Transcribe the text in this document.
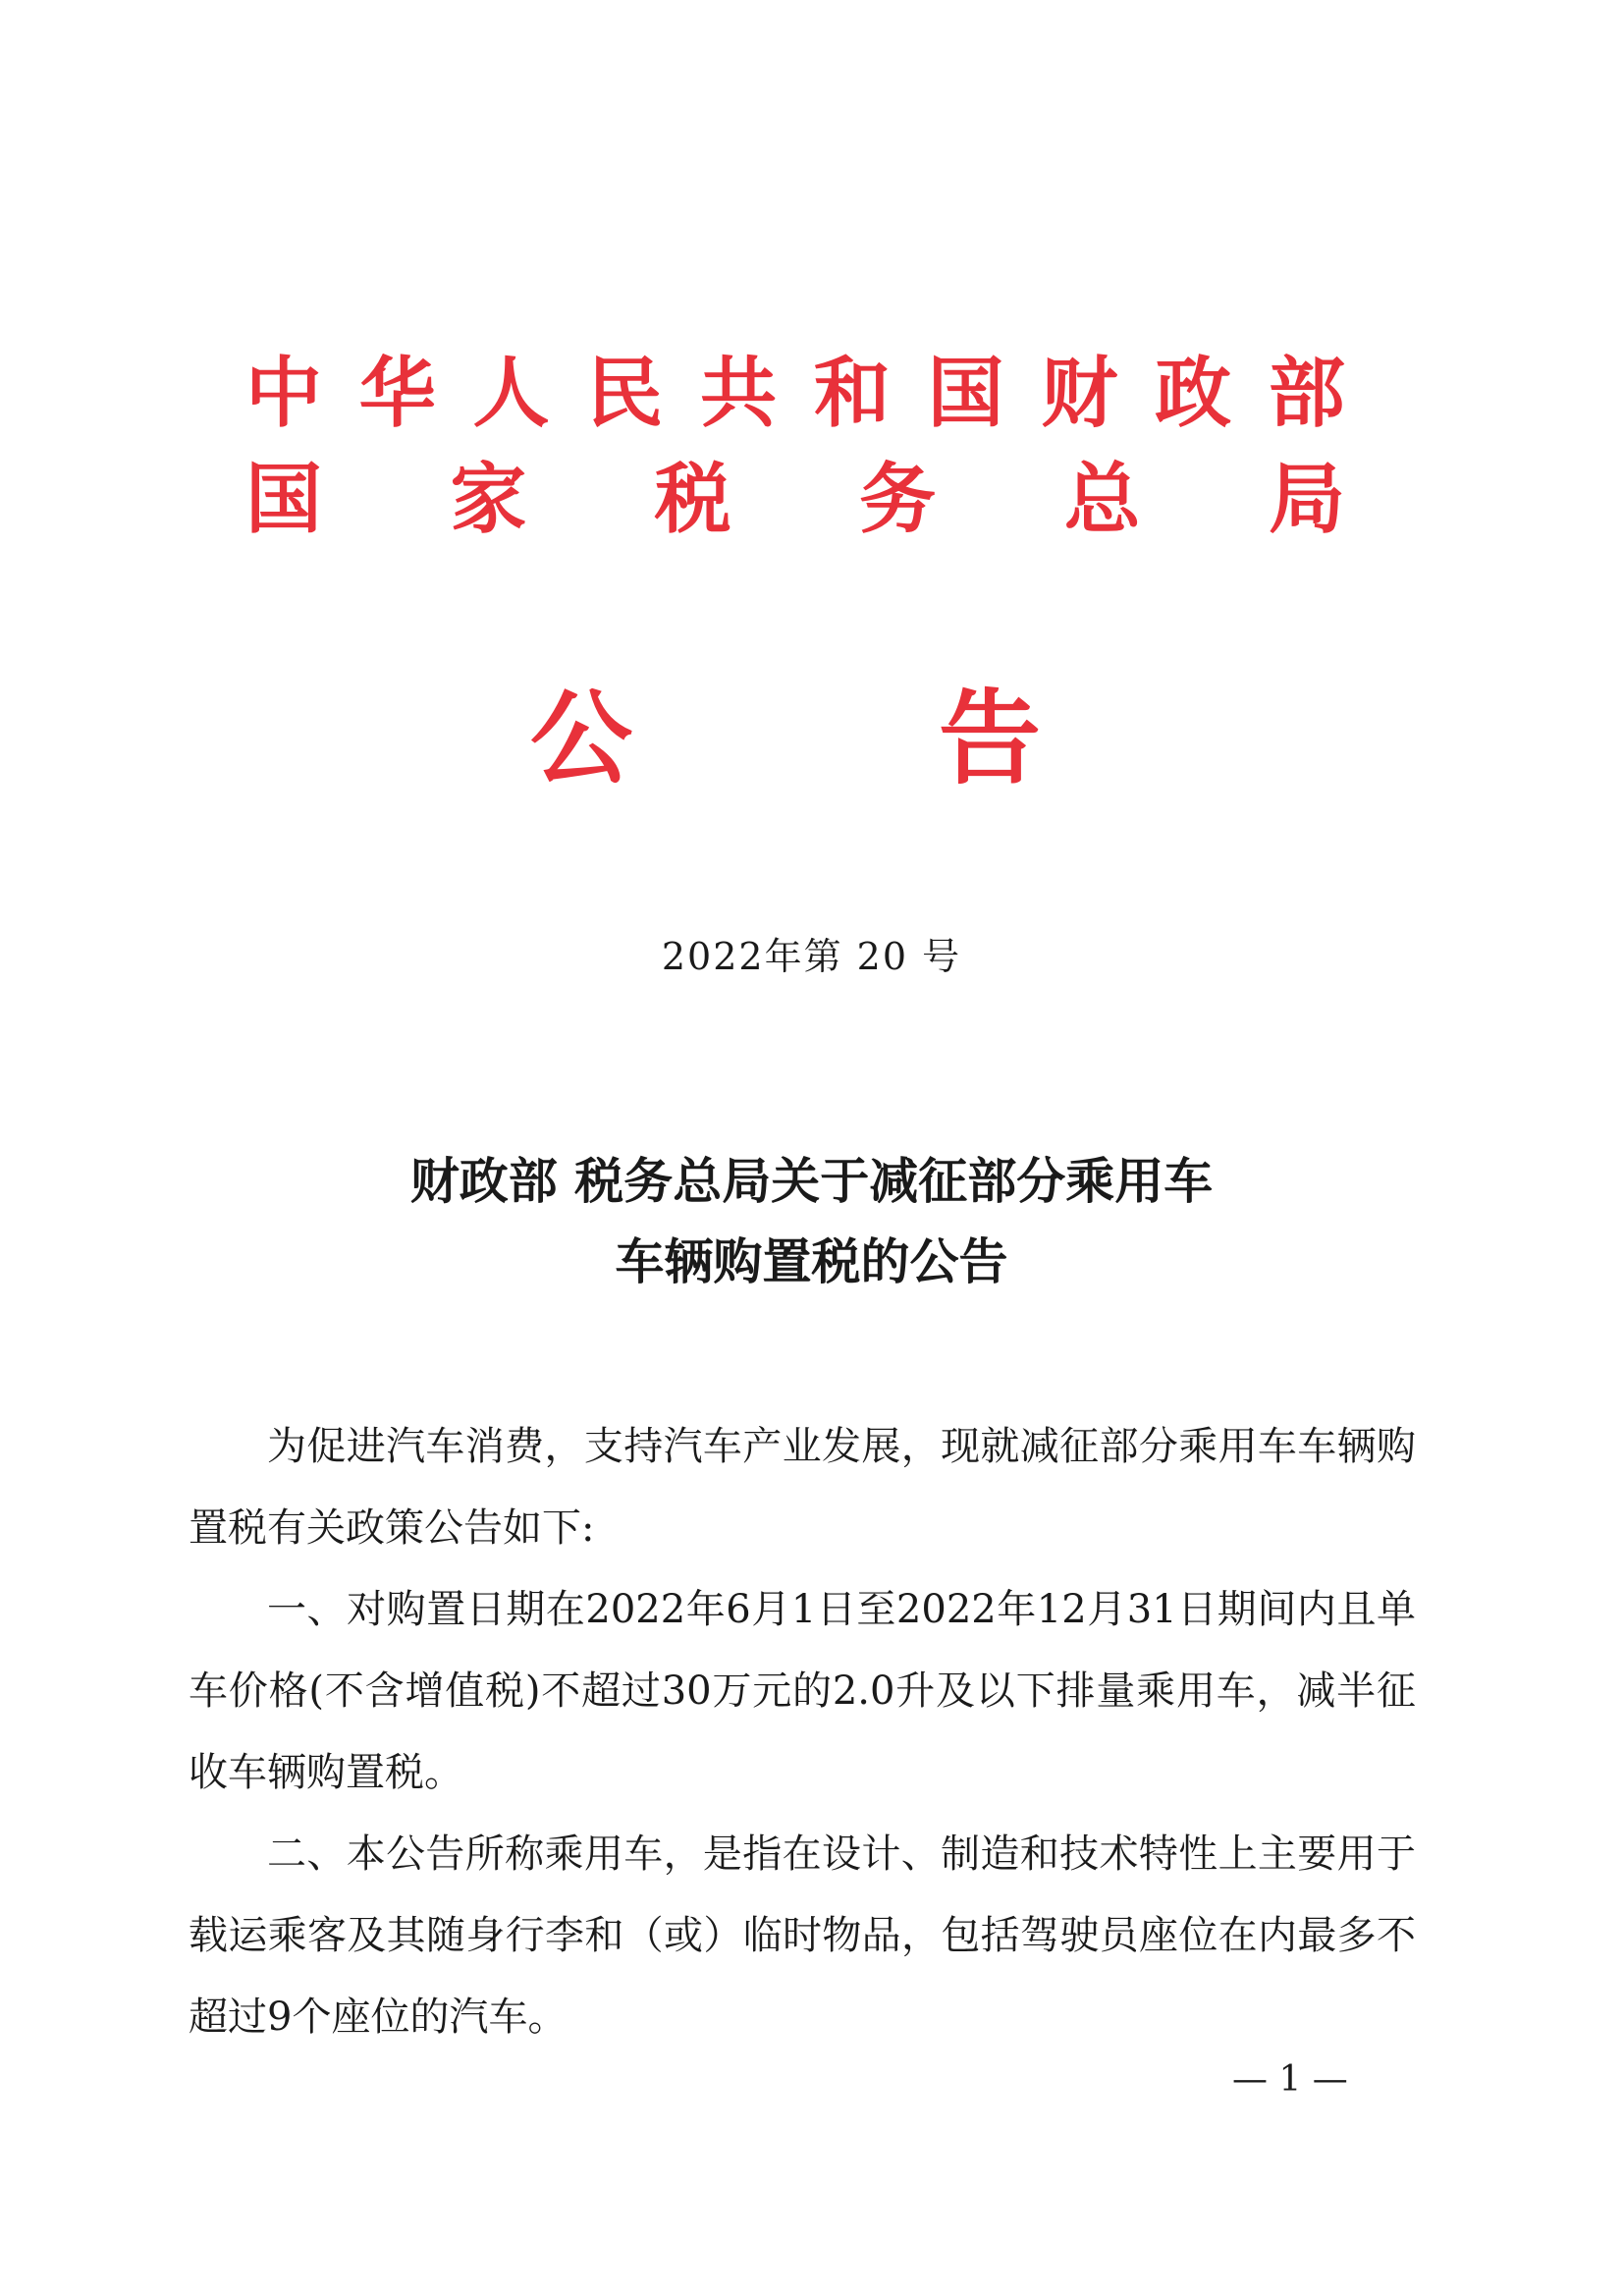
中 华 人 民 共 和 国 财 政 部
国 家 税 务 总 局
公	告
2022年第 20 号
财政部 税务总局关于减征部分乘用车
车辆购置税的公告

为促进汽车消费，支持汽车产业发展，现就减征部分乘用车车辆购置税有关政策公告如下:

一、对购置日期在2022年6月1日至2022年12月31日期间内且单车价格(不含增值税)不超过30万元的2.0升及以下排量乘用车，减半征收车辆购置税。

二、本公告所称乘用车，是指在设计、制造和技术特性上主要用于载运乘客及其随身行李和（或）临时物品，包括驾驶员座位在内最多不超过9个座位的汽车。

— 1 —
